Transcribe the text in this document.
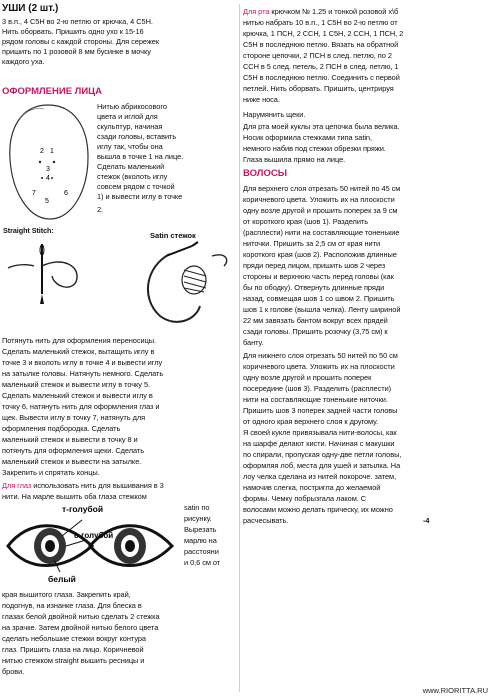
УШИ (2 шт.)
3 в.п., 4 С5Н во 2-ю петлю от крючка, 4 С5Н.
Нить оборвать. Пришить одно ухо к 15-16
рядом головы с каждой стороны. Для сережек
пришить по 1 розовой 8 мм бусинке в мочку
каждого уха.
ОФОРМЛЕНИЕ ЛИЦА
2 1
3
4
7
5
6
Нитью абрикосового
цвета и иглой для
скульптур, начиная
сзади головы, вставить
иглу так, чтобы она
вышла в точке 1 на лице.
Сделать маленький
стежок (вколоть иглу
совсем рядом с точкой
1) и вывести иглу в точке
2.
Straight Stitch:
Satin стежок
Потянуть нить для оформления переносицы.
Сделать маленький стежок, вытащить иглу в
точке 3 и вколоть иглу в точке 4 и вывести иглу
на затылке головы. Натянуть немного. Сделать
маленький стежок и вывести иглу в точку 5.
Сделать маленький стежок и вывести иглу в
точку 6, натянуть нить для оформления глаз и
щек. Вывести иглу в точку 7, натянуть для
оформления подбородка. Сделать
маленький стежок и вывести в точку 8 и
потянуть для оформления щеки. Сделать
маленький стежок и вывести на затылке.
Закрепить и спрятать концы.
Для глаз использовать нить для вышивания в 3
нити. На марле вышить оба глаза стежком
satin по
рисунку.
Вырезать
марлю на
расстояни
и 0,6 см от
т-голубой
с-голубой
белый
края вышитого глаза. Закрепить край,
подогнув, на изнанке глаза. Для блеска в
глазах белой двойной нитью сделать 2 стежка
на зрачке. Затем двойной нитью белого цвета
сделать небольшие стежки вокруг контура
глаз. Пришить глаза на лицо. Коричневой
нитью стежком straight вышить ресницы и
брови.
Для рта крючком № 1.25 и тонкой розовой х\б
нитью набрать 10 в.п., 1 С5Н во 2-ю петлю от
крючка, 1 ПСН, 2 ССН, 1 С5Н, 2 ССН, 1 ПСН, 2
С5Н в последнюю петлю. Вязать на обратной
стороне цепочки, 2 ПСН в след. петлю, по 2
ССН в 5 след. петель, 2 ПСН в след. петлю, 1
С5Н в последнюю петлю. Соединить с первой
петлей. Нить оборвать. Пришить, центрируя
ниже носа.
Нарумянить щеки.
Для рта моей куклы эта цепочка была велика.
Носик оформила стежками типа satin,
немного набив под стежки обрезки пряжи.
Глаза вышила прямо на лице.
ВОЛОСЫ
Для верхнего слоя отрезать 50 нитей по 45 см
коричневого цвета. Уложить их на плоскости
одну возле другой и прошить поперек за 9 см
от короткого края (шов 1). Разделить
(расплести) нити на составляющие тоненькие
ниточки. Пришить за 2,5 см от края нити
короткого края (шов 2). Расположив длинные
пряди перед лицом, пришить шов 2 через
стороны и верхнюю часть перед головы (как
бы по ободку). Отвернуть длинные пряди
назад, совмещая шов 1 со швом 2. Пришить
шов 1 к голове (вышла челка). Ленту шириной
22 мм завязать бантом вокруг всех прядей
сзади головы. Пришить розочку (3,75 см) к
банту.
Для нижнего слоя отрезать 50 нитей по 50 см
коричневого цвета. Уложить их на плоскости
одну возле другой и прошить поперек
посередине (шов 3). Разделить (расплести)
нити на составляющие тоненькие ниточки.
Пришить шов 3 поперек задней части головы
от одного края верхнего слоя к другому.
Я своей кукле привязывала нити-волосы, как
на шарфе делают кисти. Начиная с макушки
по спирали, пропуская одну-две петли головы,
оформляя лоб, места для ушей и затылка. На
лоу челка сделана из нитей покороче. затем,
намочив слегка, постригла до желаемой
формы. Чемку побрызгала лаком. С
волосами можно делать прическу, их можно
расчесывать.	-4
www.RIORITTA.RU
